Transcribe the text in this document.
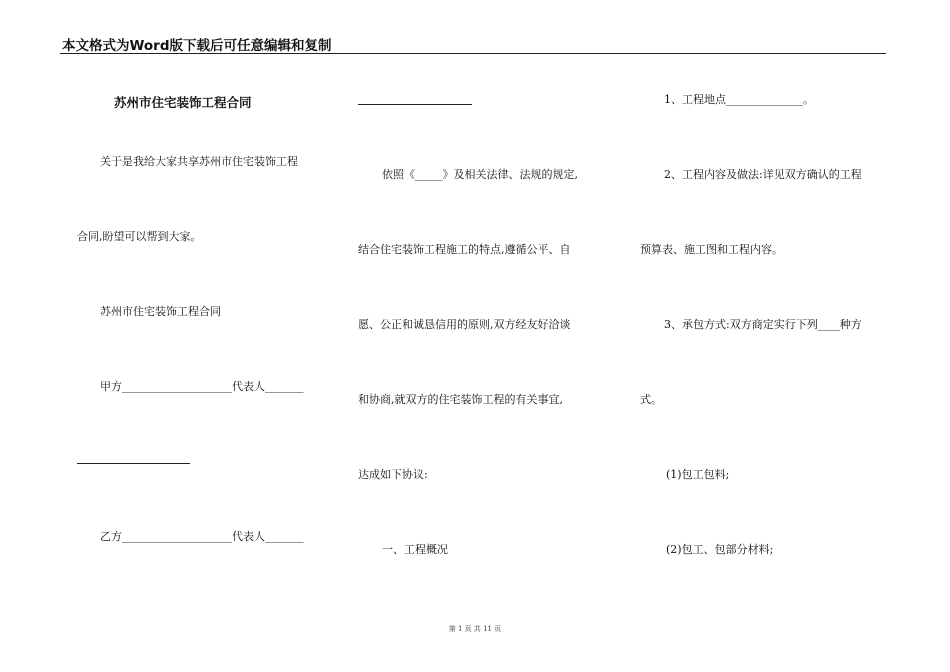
本文格式为Word版下载后可任意编辑和复制
苏州市住宅装饰工程合同
关于是我给大家共享苏州市住宅装饰工程
合同,盼望可以帮到大家。
苏州市住宅装饰工程合同
甲方____________________代表人_______
乙方____________________代表人_______
依照《_____》及相关法律、法规的规定,
结合住宅装饰工程施工的特点,遵循公平、自
愿、公正和诚恳信用的原则,双方经友好洽谈
和协商,就双方的住宅装饰工程的有关事宜,
达成如下协议:
一、工程概况
1、工程地点______________。
2、工程内容及做法:详见双方确认的工程
预算表、施工图和工程内容。
3、承包方式:双方商定实行下列____种方
式。
(1)包工包料;
(2)包工、包部分材料;
第 1 页 共 11 页
